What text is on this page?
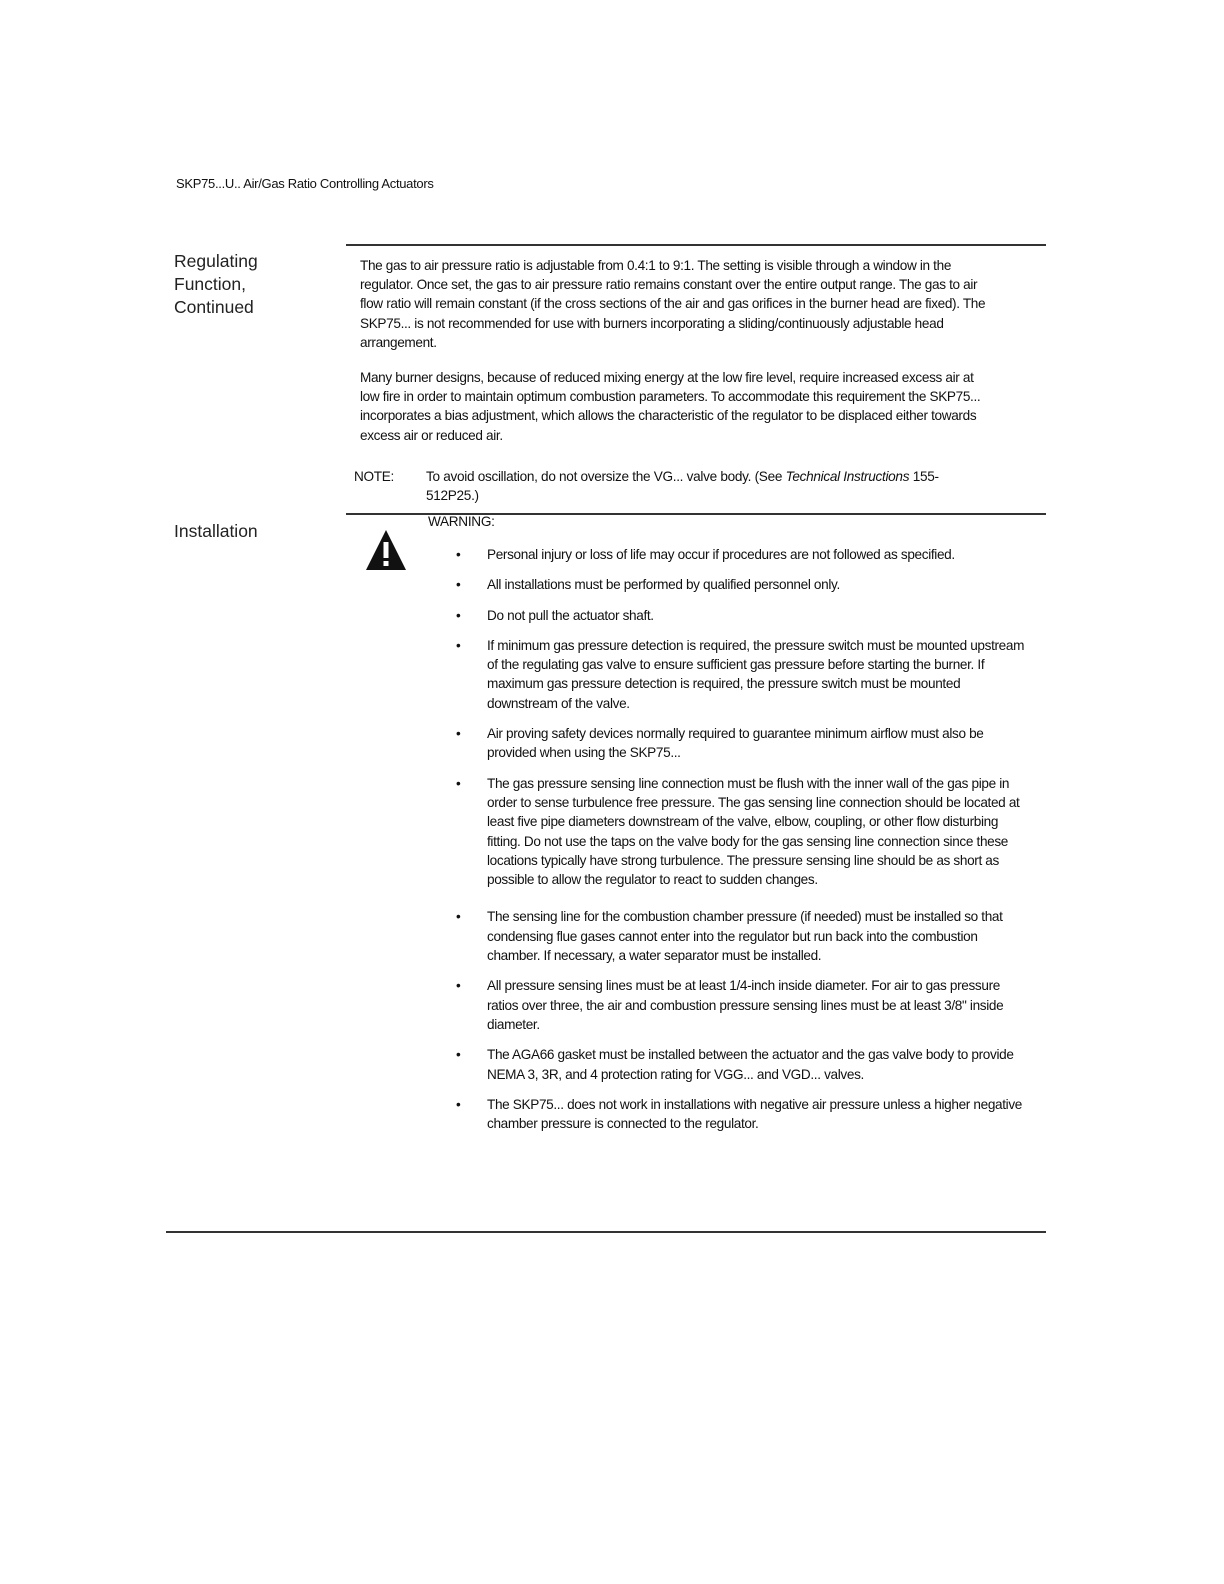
SKP75...U.. Air/Gas Ratio Controlling Actuators
Regulating Function, Continued

The gas to air pressure ratio is adjustable from 0.4:1 to 9:1. The setting is visible through a window in the regulator. Once set, the gas to air pressure ratio remains constant over the entire output range. The gas to air flow ratio will remain constant (if the cross sections of the air and gas orifices in the burner head are fixed). The SKP75... is not recommended for use with burners incorporating a sliding/continuously adjustable head arrangement.

Many burner designs, because of reduced mixing energy at the low fire level, require increased excess air at low fire in order to maintain optimum combustion parameters. To accommodate this requirement the SKP75... incorporates a bias adjustment, which allows the characteristic of the regulator to be displaced either towards excess air or reduced air.

NOTE: To avoid oscillation, do not oversize the VG... valve body. (See Technical Instructions 155-512P25.)
Installation	WARNING:
• Personal injury or loss of life may occur if procedures are not followed as specified.
• All installations must be performed by qualified personnel only.
• Do not pull the actuator shaft.
• If minimum gas pressure detection is required, the pressure switch must be mounted upstream of the regulating gas valve to ensure sufficient gas pressure before starting the burner. If maximum gas pressure detection is required, the pressure switch must be mounted downstream of the valve.
• Air proving safety devices normally required to guarantee minimum airflow must also be provided when using the SKP75...
• The gas pressure sensing line connection must be flush with the inner wall of the gas pipe in order to sense turbulence free pressure. The gas sensing line connection should be located at least five pipe diameters downstream of the valve, elbow, coupling, or other flow disturbing fitting. Do not use the taps on the valve body for the gas sensing line connection since these locations typically have strong turbulence. The pressure sensing line should be as short as possible to allow the regulator to react to sudden changes.
• The sensing line for the combustion chamber pressure (if needed) must be installed so that condensing flue gases cannot enter into the regulator but run back into the combustion chamber. If necessary, a water separator must be installed.
• All pressure sensing lines must be at least 1/4-inch inside diameter. For air to gas pressure ratios over three, the air and combustion pressure sensing lines must be at least 3/8" inside diameter.
• The AGA66 gasket must be installed between the actuator and the gas valve body to provide NEMA 3, 3R, and 4 protection rating for VGG... and VGD... valves.
• The SKP75... does not work in installations with negative air pressure unless a higher negative chamber pressure is connected to the regulator.
